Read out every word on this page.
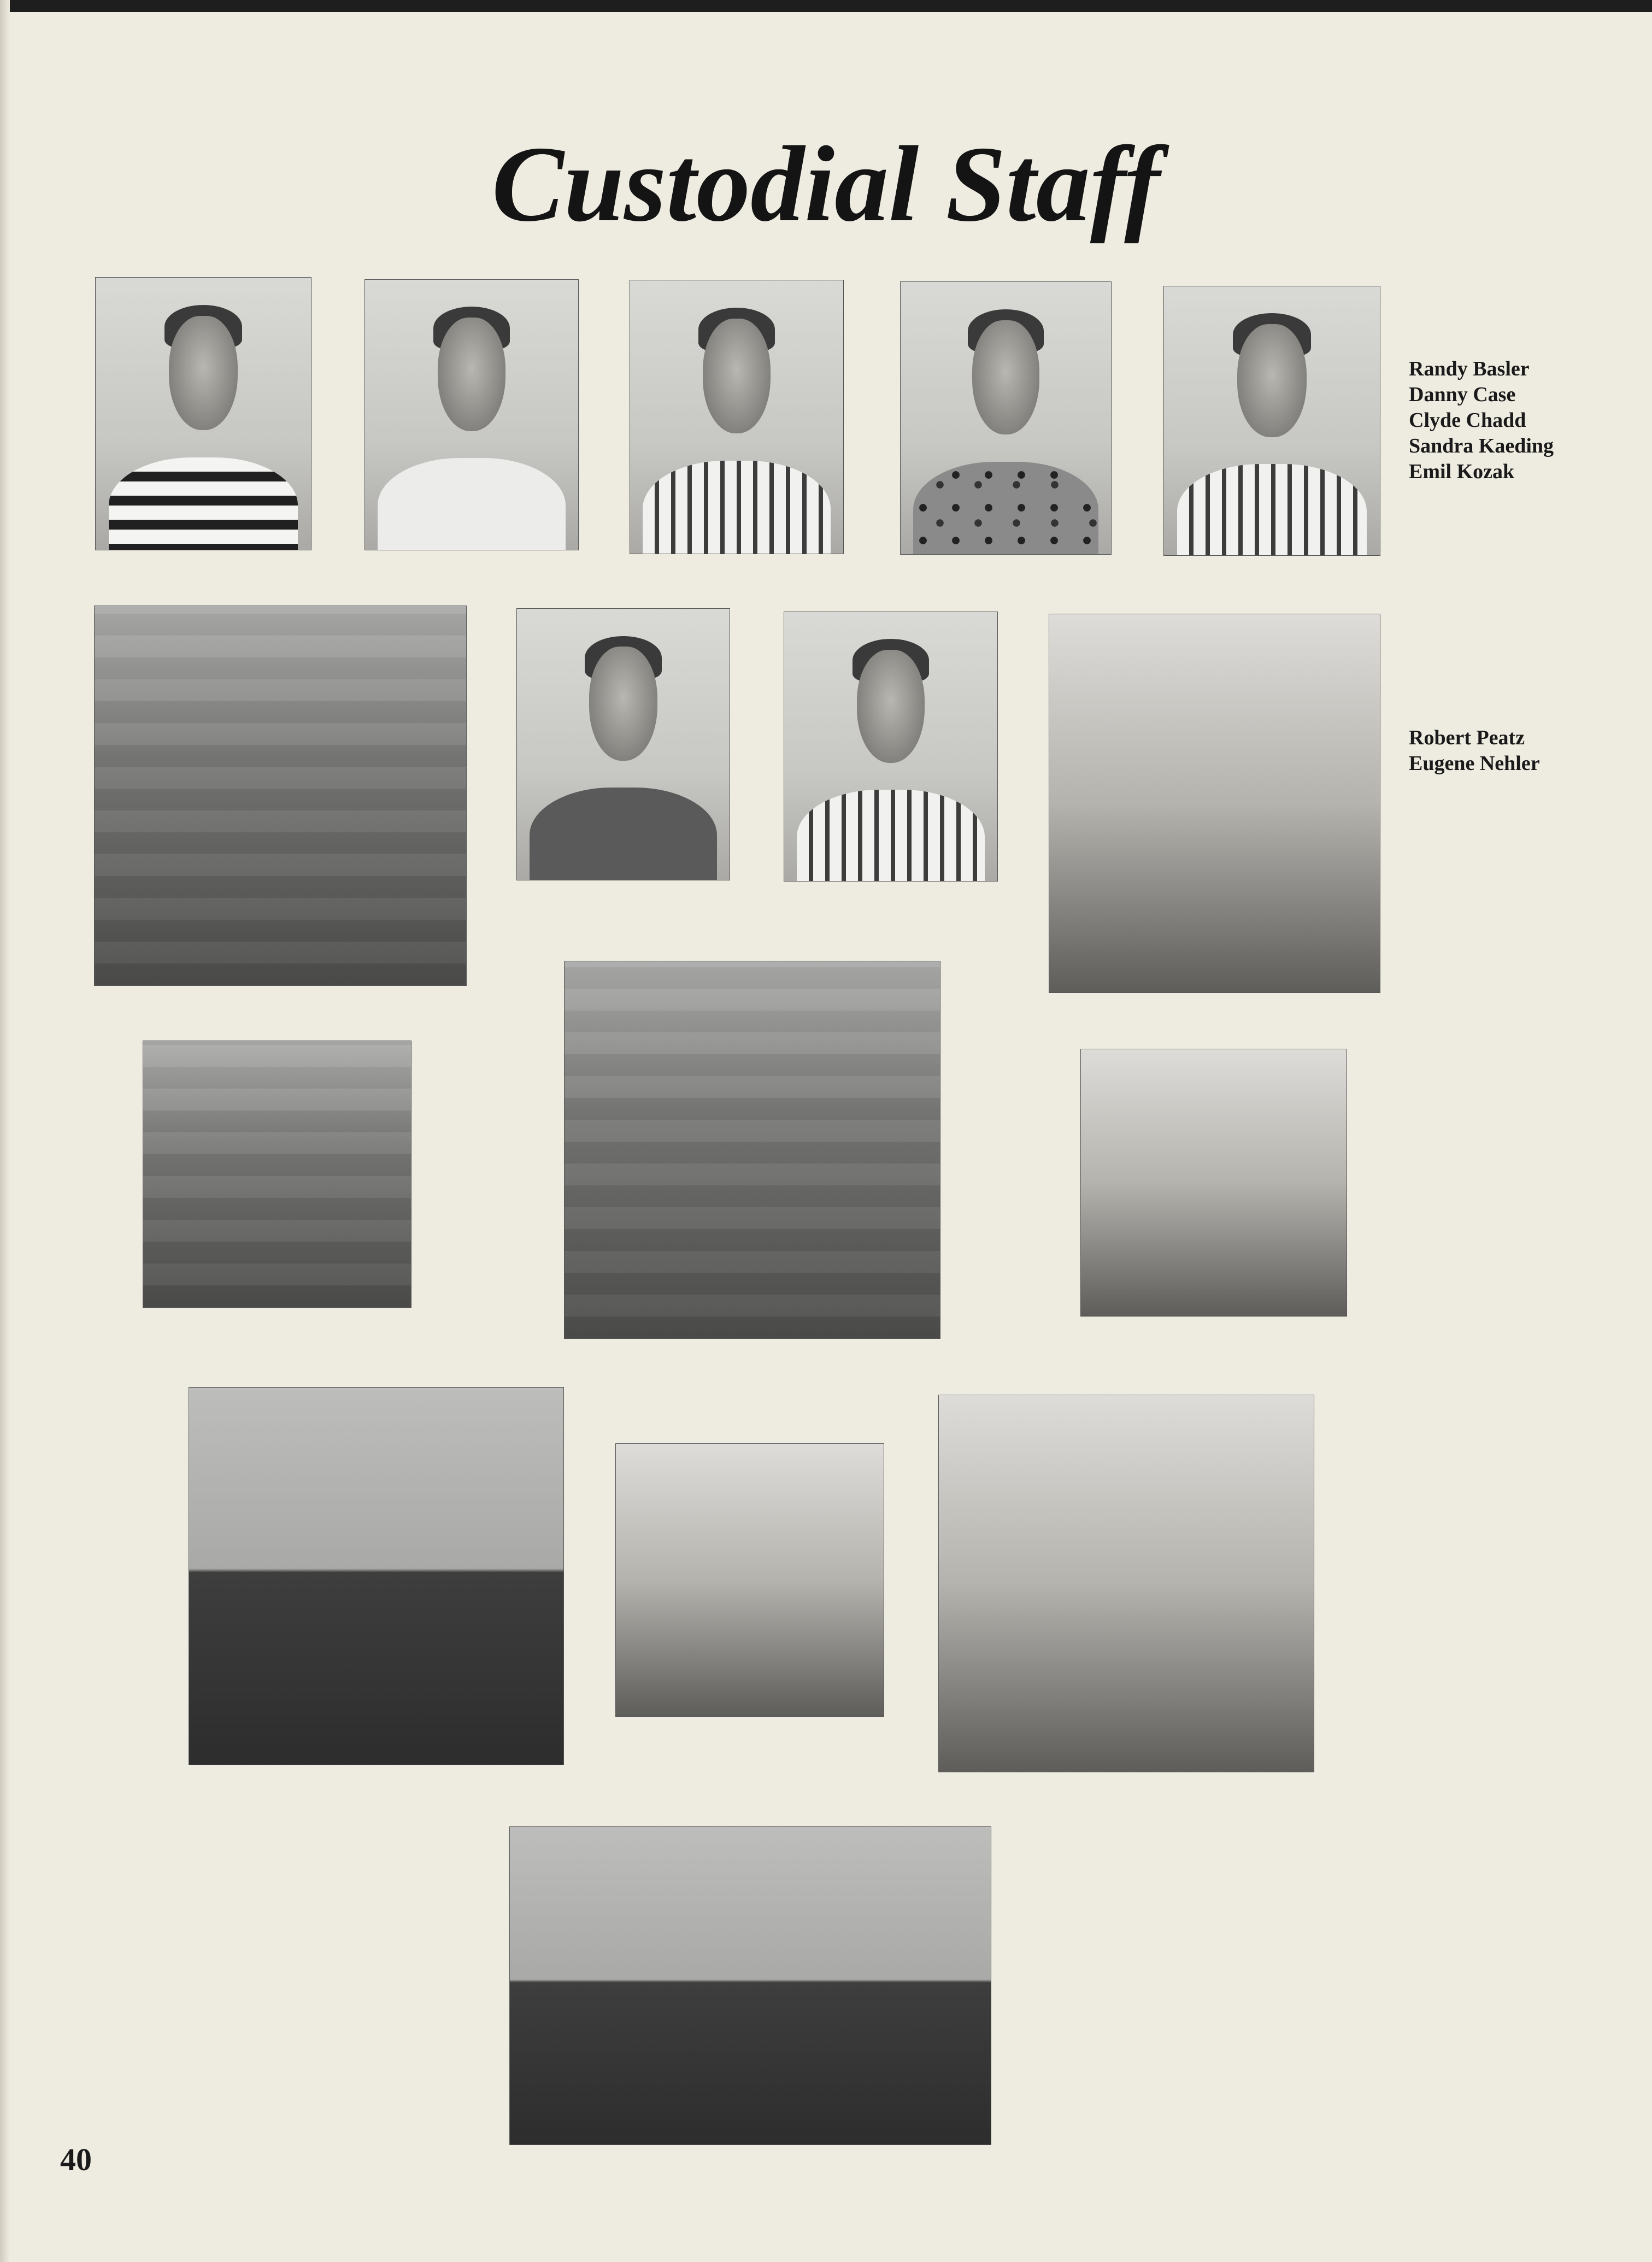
Custodial Staff
Randy Basler
Danny Case
Clyde Chadd
Sandra Kaeding
Emil Kozak
Robert Peatz
Eugene Nehler
40
